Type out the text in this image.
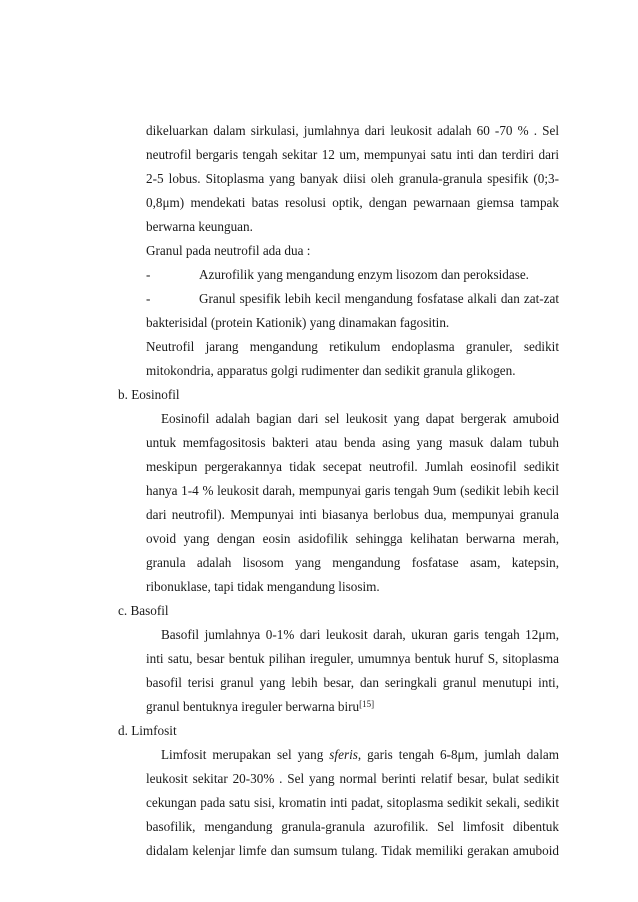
dikeluarkan dalam sirkulasi, jumlahnya dari leukosit adalah 60 -70 % . Sel
neutrofil bergaris tengah sekitar 12 um, mempunyai satu inti dan terdiri dari
2-5 lobus. Sitoplasma yang banyak diisi oleh granula-granula spesifik (0;3-
0,8μm) mendekati batas resolusi optik, dengan pewarnaan giemsa tampak
berwarna keunguan.
Granul pada neutrofil ada dua :
-	Azurofilik yang mengandung enzym lisozom dan peroksidase.
-	Granul spesifik lebih kecil mengandung fosfatase alkali dan zat-zat
bakterisidal (protein Kationik) yang dinamakan fagositin.
Neutrofil jarang mengandung retikulum endoplasma granuler, sedikit
mitokondria, apparatus golgi rudimenter dan sedikit granula glikogen.
b. Eosinofil
Eosinofil adalah bagian dari sel leukosit yang dapat bergerak amuboid
untuk memfagositosis bakteri atau benda asing yang masuk dalam tubuh
meskipun pergerakannya tidak secepat neutrofil. Jumlah eosinofil sedikit
hanya 1-4 % leukosit darah, mempunyai garis tengah 9um (sedikit lebih kecil
dari neutrofil). Mempunyai inti biasanya berlobus dua, mempunyai granula
ovoid yang dengan eosin asidofilik sehingga kelihatan berwarna merah,
granula adalah lisosom yang mengandung fosfatase asam, katepsin,
ribonuklase, tapi tidak mengandung lisosim.
c. Basofil
Basofil jumlahnya 0-1% dari leukosit darah, ukuran garis tengah 12μm,
inti satu, besar bentuk pilihan ireguler, umumnya bentuk huruf S, sitoplasma
basofil terisi granul yang lebih besar, dan seringkali granul menutupi inti,
granul bentuknya ireguler berwarna biru[15]
d. Limfosit
Limfosit merupakan sel yang sferis, garis tengah 6-8μm, jumlah dalam
leukosit sekitar 20-30% . Sel yang normal berinti relatif besar, bulat sedikit
cekungan pada satu sisi, kromatin inti padat, sitoplasma sedikit sekali, sedikit
basofilik, mengandung granula-granula azurofilik. Sel limfosit dibentuk
didalam kelenjar limfe dan sumsum tulang. Tidak memiliki gerakan amuboid
